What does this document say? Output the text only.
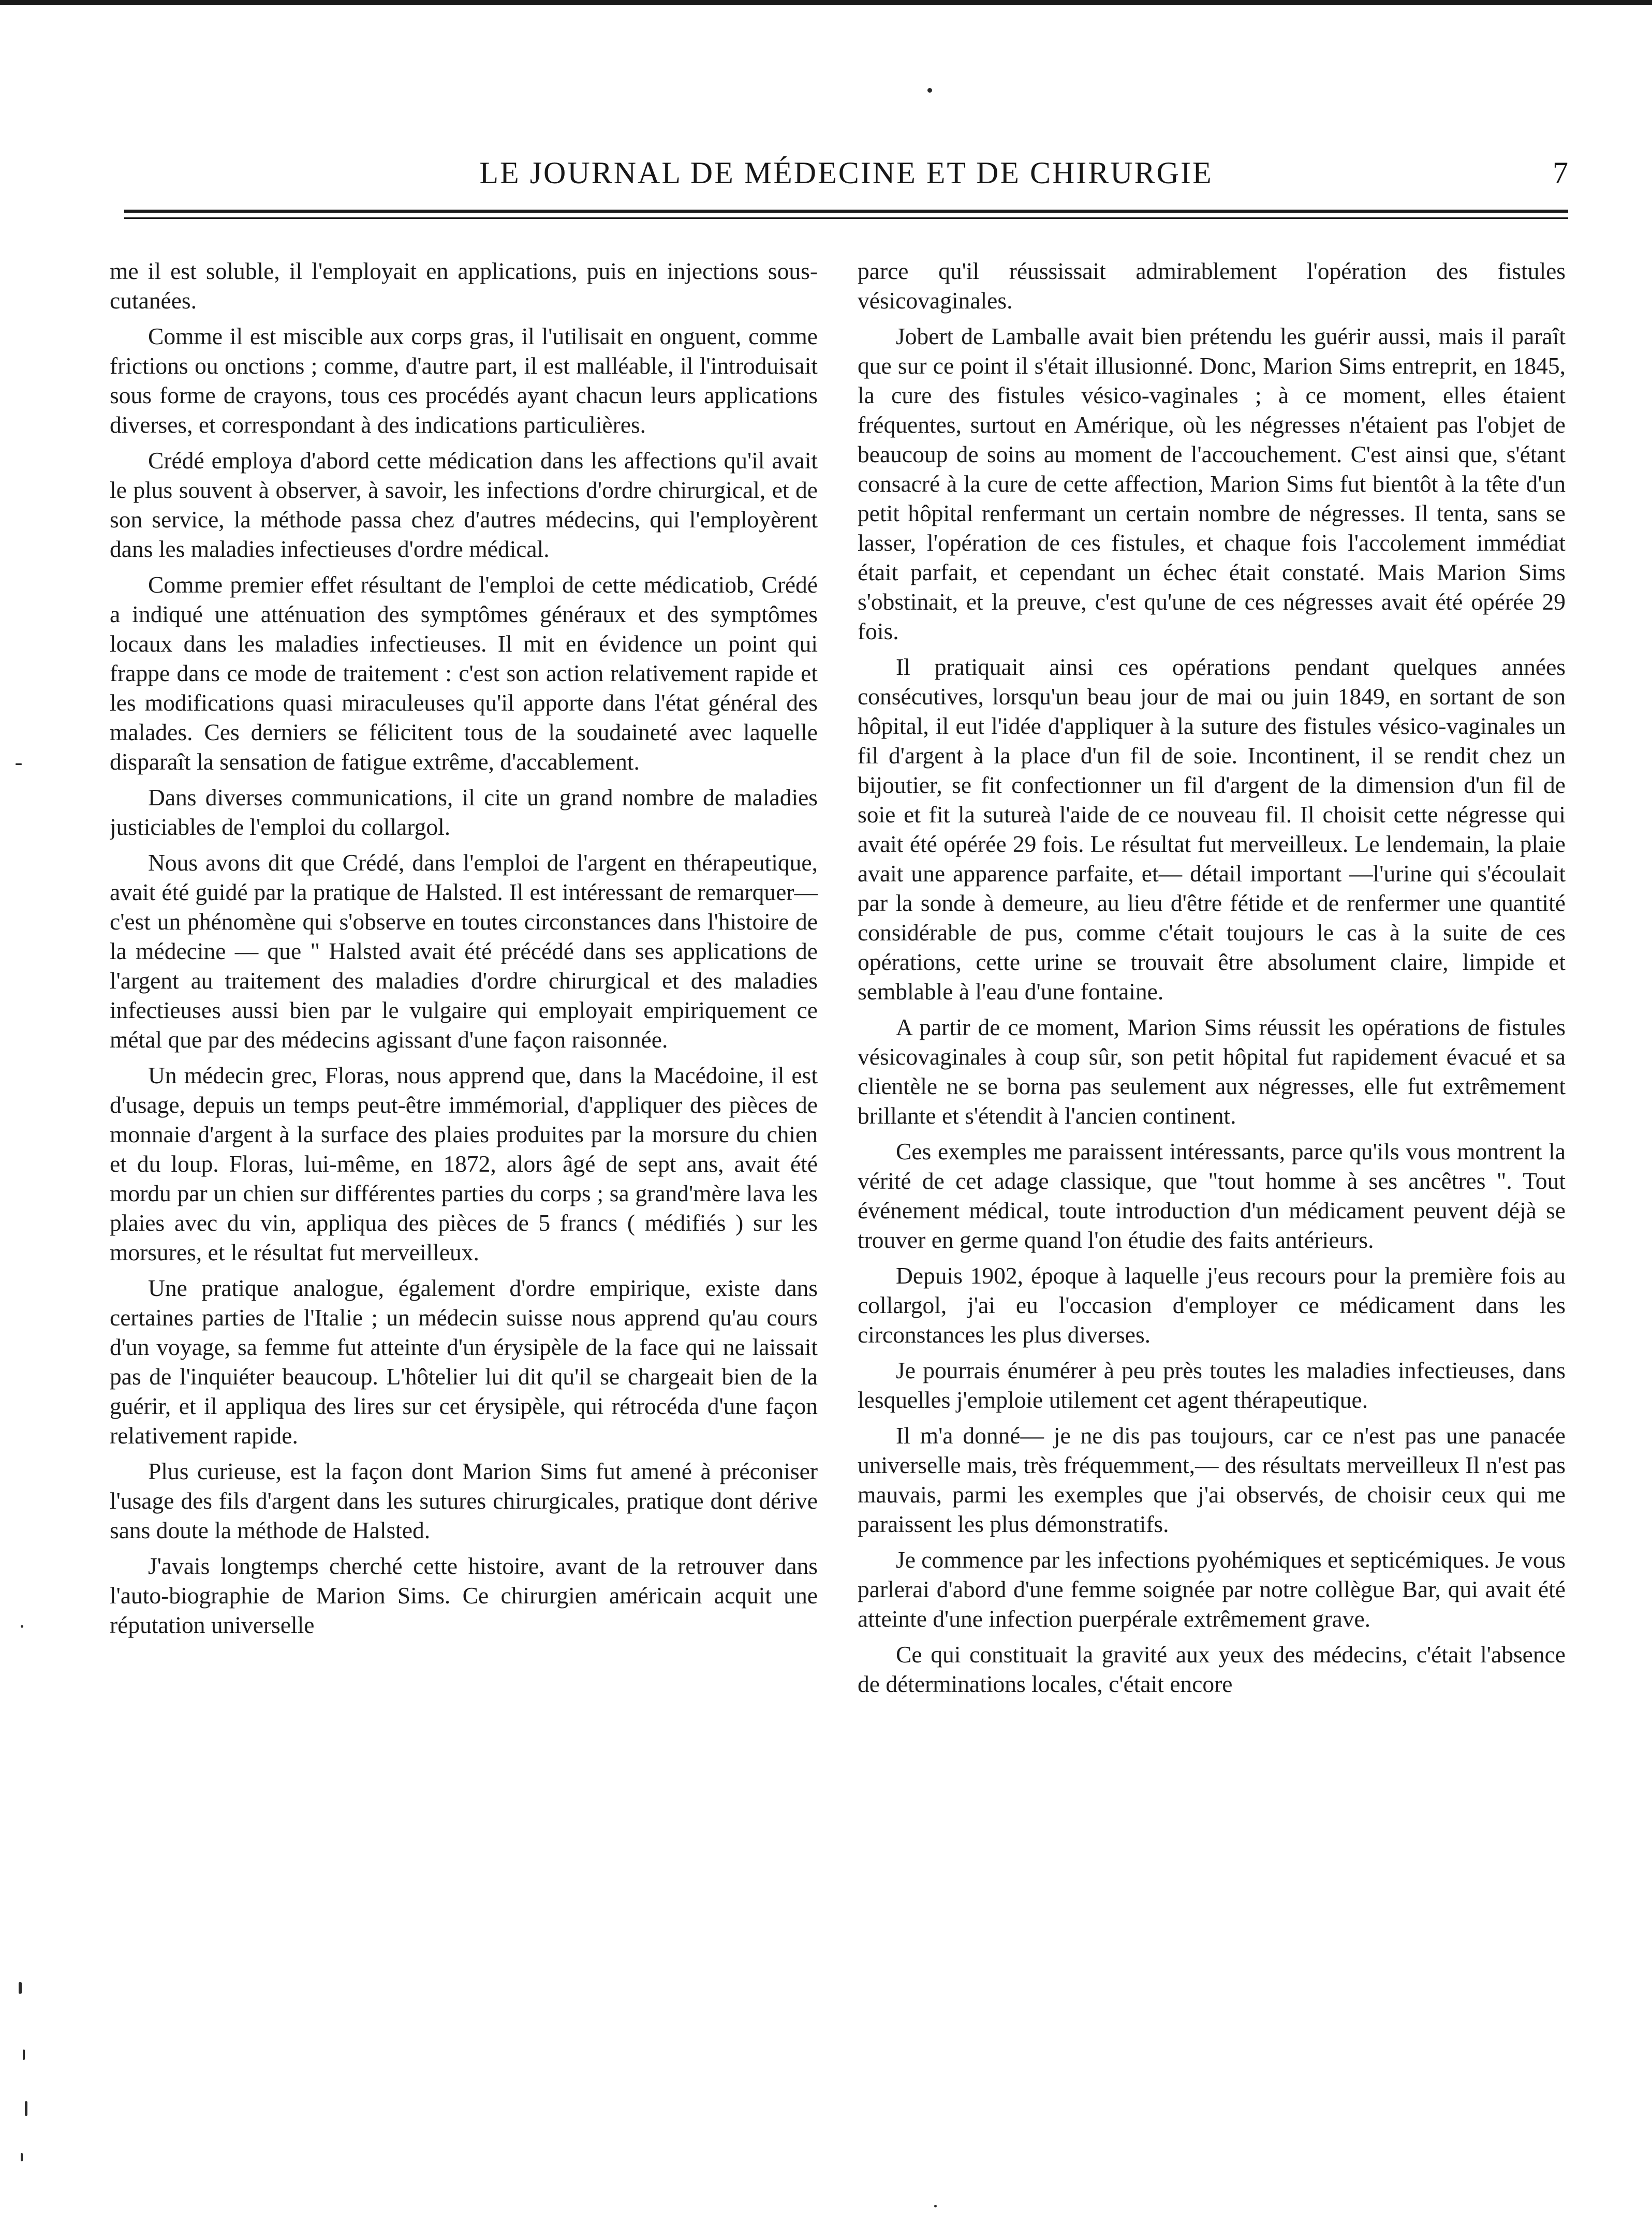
LE JOURNAL DE MÉDECINE ET DE CHIRURGIE	7

me il est soluble, il l'employait en applications, puis en injections sous-cutanées.

Comme il est miscible aux corps gras, il l'utilisait en onguent, comme frictions ou onctions ; comme, d'autre part, il est malléable, il l'introduisait sous forme de crayons, tous ces procédés ayant chacun leurs applications diverses, et correspondant à des indications particulières.

Crédé employa d'abord cette médication dans les affections qu'il avait le plus souvent à observer, à savoir, les infections d'ordre chirurgical, et de son service, la méthode passa chez d'autres médecins, qui l'employèrent dans les maladies infectieuses d'ordre médical.

Comme premier effet résultant de l'emploi de cette médicatiob, Crédé a indiqué une atténuation des symptômes généraux et des symptômes locaux dans les maladies infectieuses. Il mit en évidence un point qui frappe dans ce mode de traitement : c'est son action relativement rapide et les modifications quasi miraculeuses qu'il apporte dans l'état général des malades. Ces derniers se félicitent tous de la soudaineté avec laquelle disparaît la sensation de fatigue extrême, d'accablement.

Dans diverses communications, il cite un grand nombre de maladies justiciables de l'emploi du collargol.

Nous avons dit que Crédé, dans l'emploi de l'argent en thérapeutique, avait été guidé par la pratique de Halsted. Il est intéressant de remarquer— c'est un phénomène qui s'observe en toutes circonstances dans l'histoire de la médecine — que " Halsted avait été précédé dans ses applications de l'argent au traitement des maladies d'ordre chirurgical et des maladies infectieuses aussi bien par le vulgaire qui employait empiriquement ce métal que par des médecins agissant d'une façon raisonnée.

Un médecin grec, Floras, nous apprend que, dans la Macédoine, il est d'usage, depuis un temps peut-être immémorial, d'appliquer des pièces de monnaie d'argent à la surface des plaies produites par la morsure du chien et du loup. Floras, lui-même, en 1872, alors âgé de sept ans, avait été mordu par un chien sur différentes parties du corps ; sa grand'mère lava les plaies avec du vin, appliqua des pièces de 5 francs ( médifiés ) sur les morsures, et le résultat fut merveilleux.

Une pratique analogue, également d'ordre empirique, existe dans certaines parties de l'Italie ; un médecin suisse nous apprend qu'au cours d'un voyage, sa femme fut atteinte d'un érysipèle de la face qui ne laissait pas de l'inquiéter beaucoup. L'hôtelier lui dit qu'il se chargeait bien de la guérir, et il appliqua des lires sur cet érysipèle, qui rétrocéda d'une façon relativement rapide.

Plus curieuse, est la façon dont Marion Sims fut amené à préconiser l'usage des fils d'argent dans les sutures chirurgicales, pratique dont dérive sans doute la méthode de Halsted.

J'avais longtemps cherché cette histoire, avant de la retrouver dans l'auto-biographie de Marion Sims. Ce chirurgien américain acquit une réputation universelle

parce qu'il réussissait admirablement l'opération des fistules vésicovaginales.

Jobert de Lamballe avait bien prétendu les guérir aussi, mais il paraît que sur ce point il s'était illusionné. Donc, Marion Sims entreprit, en 1845, la cure des fistules vésico-vaginales ; à ce moment, elles étaient fréquentes, surtout en Amérique, où les négresses n'étaient pas l'objet de beaucoup de soins au moment de l'accouchement. C'est ainsi que, s'étant consacré à la cure de cette affection, Marion Sims fut bientôt à la tête d'un petit hôpital renfermant un certain nombre de négresses. Il tenta, sans se lasser, l'opération de ces fistules, et chaque fois l'accolement immédiat était parfait, et cependant un échec était constaté. Mais Marion Sims s'obstinait, et la preuve, c'est qu'une de ces négresses avait été opérée 29 fois.

Il pratiquait ainsi ces opérations pendant quelques années consécutives, lorsqu'un beau jour de mai ou juin 1849, en sortant de son hôpital, il eut l'idée d'appliquer à la suture des fistules vésico-vaginales un fil d'argent à la place d'un fil de soie. Incontinent, il se rendit chez un bijoutier, se fit confectionner un fil d'argent de la dimension d'un fil de soie et fit la sutureà l'aide de ce nouveau fil. Il choisit cette négresse qui avait été opérée 29 fois. Le résultat fut merveilleux. Le lendemain, la plaie avait une apparence parfaite, et— détail important —l'urine qui s'écoulait par la sonde à demeure, au lieu d'être fétide et de renfermer une quantité considérable de pus, comme c'était toujours le cas à la suite de ces opérations, cette urine se trouvait être absolument claire, limpide et semblable à l'eau d'une fontaine.

A partir de ce moment, Marion Sims réussit les opérations de fistules vésicovaginales à coup sûr, son petit hôpital fut rapidement évacué et sa clientèle ne se borna pas seulement aux négresses, elle fut extrêmement brillante et s'étendit à l'ancien continent.

Ces exemples me paraissent intéressants, parce qu'ils vous montrent la vérité de cet adage classique, que "tout homme à ses ancêtres ". Tout événement médical, toute introduction d'un médicament peuvent déjà se trouver en germe quand l'on étudie des faits antérieurs.

Depuis 1902, époque à laquelle j'eus recours pour la première fois au collargol, j'ai eu l'occasion d'employer ce médicament dans les circonstances les plus diverses.

Je pourrais énumérer à peu près toutes les maladies infectieuses, dans lesquelles j'emploie utilement cet agent thérapeutique.

Il m'a donné— je ne dis pas toujours, car ce n'est pas une panacée universelle mais, très fréquemment,— des résultats merveilleux Il n'est pas mauvais, parmi les exemples que j'ai observés, de choisir ceux qui me paraissent les plus démonstratifs.

Je commence par les infections pyohémiques et septicémiques. Je vous parlerai d'abord d'une femme soignée par notre collègue Bar, qui avait été atteinte d'une infection puerpérale extrêmement grave.

Ce qui constituait la gravité aux yeux des médecins, c'était l'absence de déterminations locales, c'était encore
